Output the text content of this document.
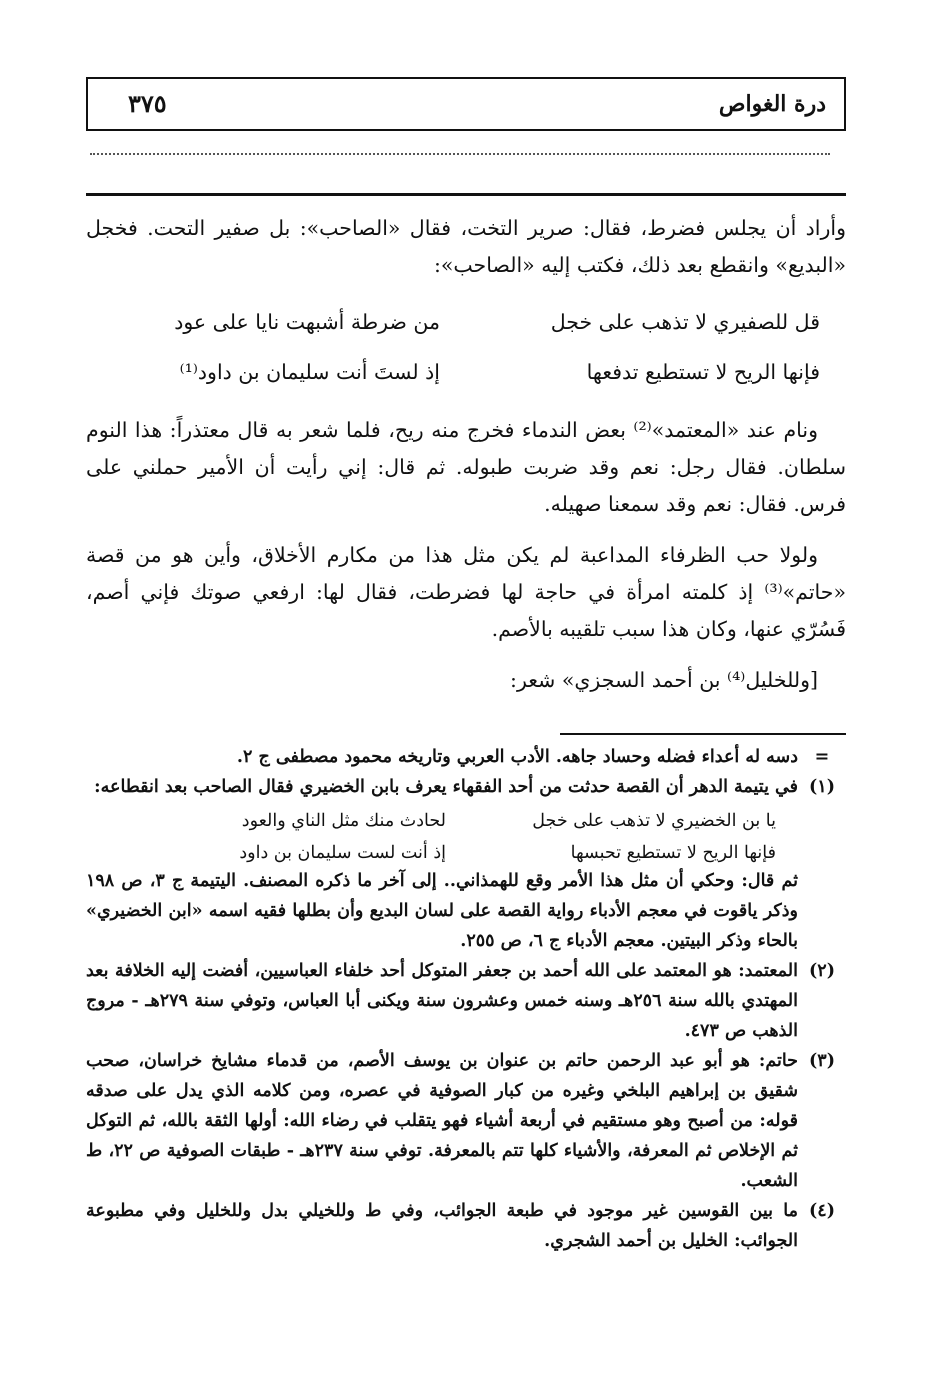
درة الغواص
٣٧٥

وأراد أن يجلس فضرط، فقال: صرير التخت، فقال «الصاحب»: بل صفير التحت. فخجل «البديع» وانقطع بعد ذلك، فكتب إليه «الصاحب»:

قل للصفيري لا تذهب على خجل
من ضرطة أشبهت نايا على عود
فإنها الريح لا تستطيع تدفعها
إذ لستَ أنت سليمان بن داود⁽¹⁾

ونام عند «المعتمد»⁽²⁾ بعض الندماء فخرج منه ريح، فلما شعر به قال معتذراً: هذا النوم سلطان. فقال رجل: نعم وقد ضربت طبوله. ثم قال: إني رأيت أن الأمير حملني على فرس. فقال: نعم وقد سمعنا صهيله.

ولولا حب الظرفاء المداعبة لم يكن مثل هذا من مكارم الأخلاق، وأين هو من قصة «حاتم»⁽³⁾ إذ كلمته امرأة في حاجة لها فضرطت، فقال لها: ارفعي صوتك فإني أصم، فَسُرّي عنها، وكان هذا سبب تلقيبه بالأصم.

[وللخليل⁽⁴⁾ بن أحمد السجزي» شعر:

=
دسه له أعداء فضله وحساد جاهه. الأدب العربي وتاريخه محمود مصطفى ج ٢.
(١)
في يتيمة الدهر أن القصة حدثت من أحد الفقهاء يعرف بابن الخضيري فقال الصاحب بعد انقطاعه:
يا بن الخضيري لا تذهب على خجل
لحادث منك مثل الناي والعود
فإنها الريح لا تستطيع تحبسها
إذ أنت لست سليمان بن داود
ثم قال: وحكي أن مثل هذا الأمر وقع للهمذاني.. إلى آخر ما ذكره المصنف. اليتيمة ج ٣، ص ١٩٨ وذكر ياقوت في معجم الأدباء رواية القصة على لسان البديع وأن بطلها فقيه اسمه «ابن الخضيري» بالحاء وذكر البيتين. معجم الأدباء ج ٦، ص ٢٥٥.
(٢)
المعتمد: هو المعتمد على الله أحمد بن جعفر المتوكل أحد خلفاء العباسيين، أفضت إليه الخلافة بعد المهتدي بالله سنة ٢٥٦هـ وسنه خمس وعشرون سنة ويكنى أبا العباس، وتوفي سنة ٢٧٩هـ - مروج الذهب ص ٤٧٣.
(٣)
حاتم: هو أبو عبد الرحمن حاتم بن عنوان بن يوسف الأصم، من قدماء مشايخ خراسان، صحب شقيق بن إبراهيم البلخي وغيره من كبار الصوفية في عصره، ومن كلامه الذي يدل على صدقه قوله: من أصبح وهو مستقيم في أربعة أشياء فهو يتقلب في رضاء الله: أولها الثقة بالله، ثم التوكل ثم الإخلاص ثم المعرفة، والأشياء كلها تتم بالمعرفة. توفي سنة ٢٣٧هـ - طبقات الصوفية ص ٢٢، ط الشعب.
(٤)
ما بين القوسين غير موجود في طبعة الجوائب، وفي ط وللخيلي بدل وللخليل وفي مطبوعة الجوائب: الخليل بن أحمد الشجري.
